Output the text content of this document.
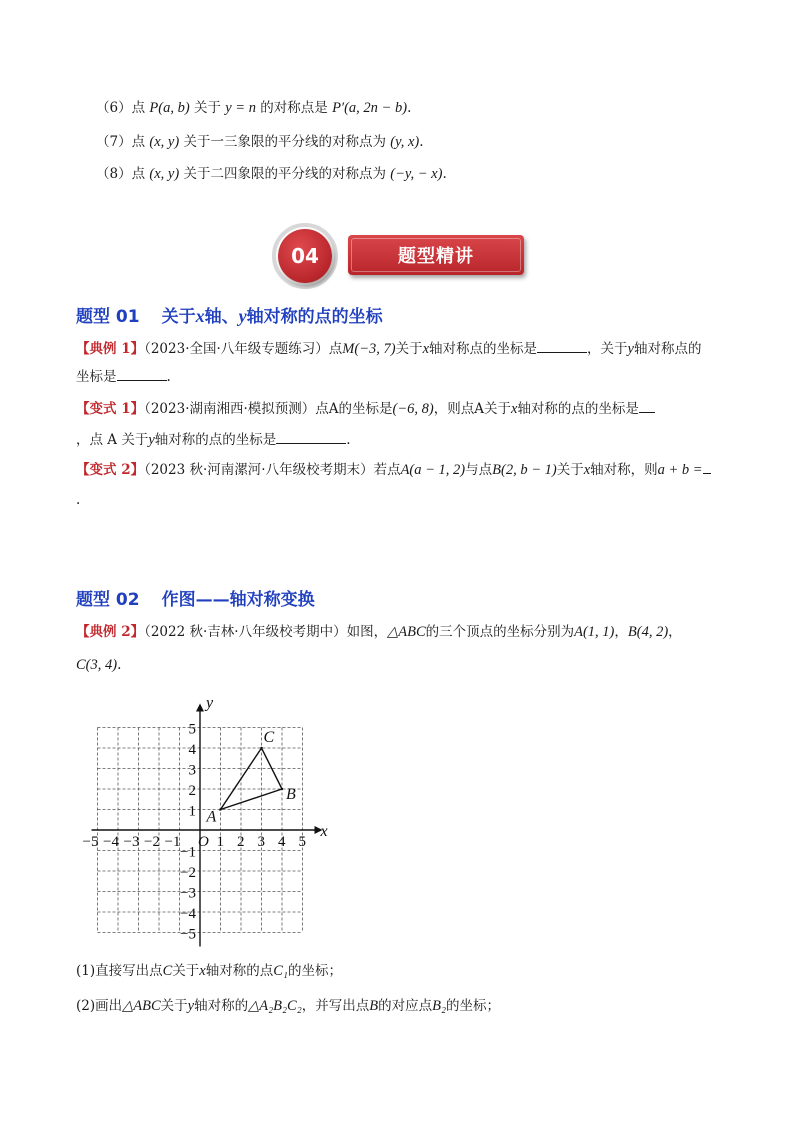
（6）点 P(a, b) 关于 y = n 的对称点是 P′(a, 2n − b).
（7）点 (x, y) 关于一三象限的平分线的对称点为 (y, x).
（8）点 (x, y) 关于二四象限的平分线的对称点为 (−y, − x).
04	题型精讲
题型 01 关于x轴、y轴对称的点的坐标
【典例 1】（2023·全国·八年级专题练习）点M(−3, 7)关于x轴对称点的坐标是	，关于y轴对称点的
坐标是	.
【变式 1】（2023·湖南湘西·模拟预测）点A的坐标是(−6, 8)，则点A关于x轴对称的点的坐标是
，点 A 关于y轴对称的点的坐标是	.
【变式 2】（2023 秋·河南漯河·八年级校考期末）若点A(a − 1, 2)与点B(2, b − 1)关于x轴对称，则a + b =
.
题型 02 作图——轴对称变换
【典例 2】（2022 秋·吉林·八年级校考期中）如图，△ABC的三个顶点的坐标分别为A(1, 1)，B(4, 2)，
C(3, 4).
x
y
O
−5 −4 −3 −2 −1 1 2 3 4 5
5
4
3
2
1
−1
−2
−3
−4
−5
A
B
C
(1)直接写出点C关于x轴对称的点C₁的坐标；
(2)画出△ABC关于y轴对称的△A₂B₂C₂，并写出点B的对应点B₂的坐标；
